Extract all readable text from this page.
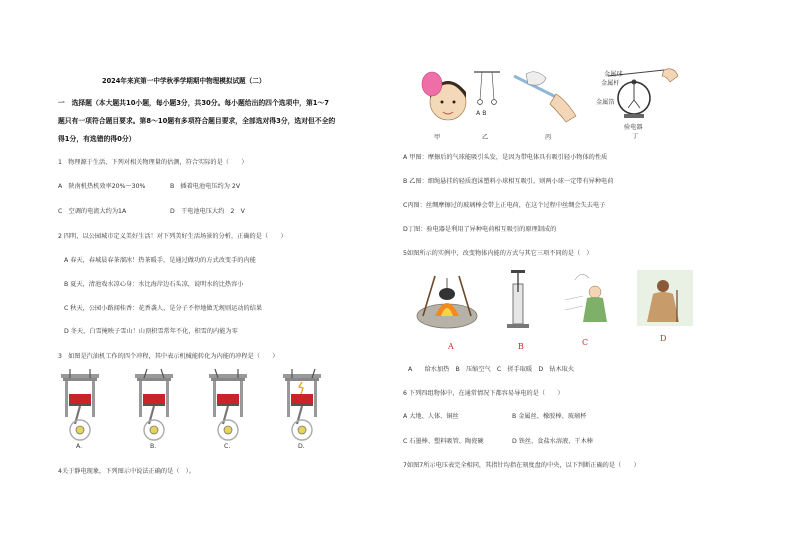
2024年来宾第一中学秋季学期期中物理模拟试题（二）
一　选择题（本大题共10小题，每小题3分，共30分。每小题给出的四个选项中，第1～7
题只有一项符合题目要求。第8～10题有多项符合题目要求，全部选对得3分，选对但不全的
得1分，有选错的得0分）
1　物理源于生活，下列对相关物理量的估测，符合实际的是（　　）
A　陕南机热机效率20%～30%	B　插着电池电压约为 2V
C　空调的电流大约为1A	D　干电池电压大约　2　V
2 四明，以公园城市定义美好生活！对下列美好生活场景的分析，正确的是（　　）
A 春天，春城晨春茶溜冰！热茶暖手，是通过做功的方式改变手的内能
B 夏天，清池戏水凉心身：水比海岸边石头凉，说明水的比热容小
C 秋天，公园小路闻桂香：花香袭人，是分子不停地做无规则运动的结果
D 冬天，白雪掩映子雪山！山顶积雪常年不化，积雪的内能为零
3　如图是汽油机工作的四个冲程，其中表示机械能转化为内能的冲程是（　　）
A.	B.	C.	D.
4关于静电现象，下列图示中说法正确的是（　）。
A B
金属球
金属杆
金属箔
验电器
甲	乙	丙	丁
A 甲图：摩擦后的气球能吸引头发，是因为带电体具有吸引轻小物体的性质
B 乙图：细绳悬挂的轻质泡沫塑料小球相互吸引，则两小球一定带有异种电荷
C丙图：丝绸摩擦过的玻璃棒会带上正电荷，在这个过程中丝绸会失去电子
D丁图：验电器是利用了异种电荷相互吸引的原理制成的
5如图所示的实例中，改变物体内能的方式与其它三项不同的是（　）
A	B	C	D
A　　给水加热　B　压缩空气　C　搓手取暖　D　钻木取火
6 下列四组物体中，在通常情况下都容易导电的是（　　）
A 大地、人体、铜丝	B 金属丝、橡胶棒、玻璃杯
C 石墨棒、塑料吸管、陶瓷碗	D 铁丝、食盐水溶液、干木棒
7如图7所示电压表完全相同，其指针均指在刻度盘的中央，以下判断正确的是（　　）
